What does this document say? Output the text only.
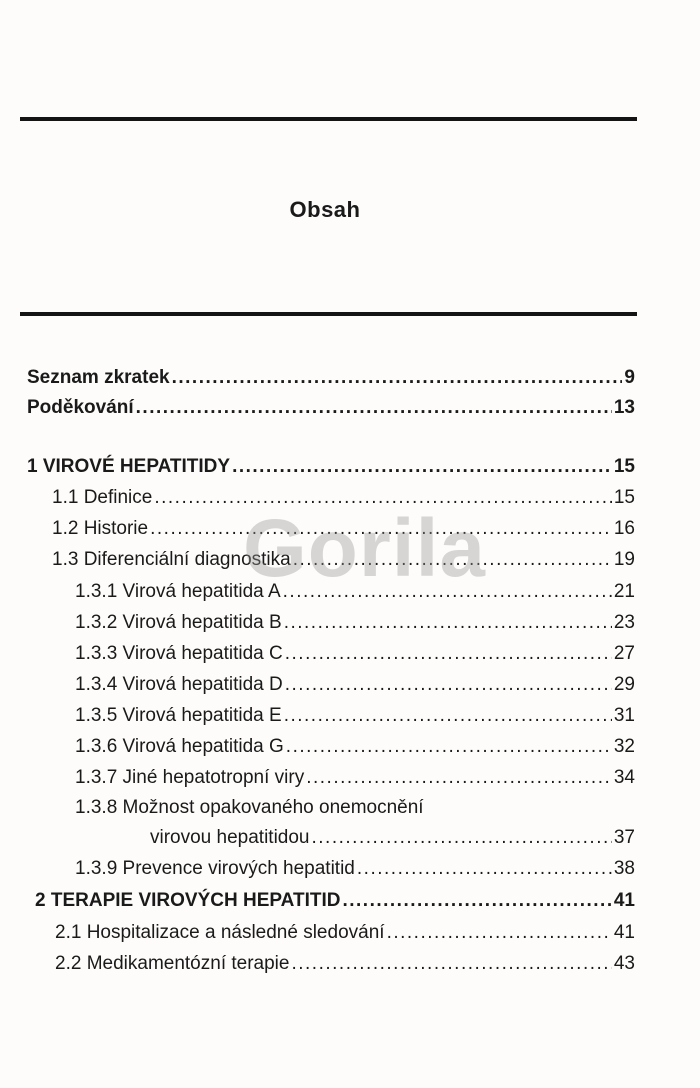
Obsah
Seznam zkratek .....	9
Poděkování .....	13
1 VIROVÉ HEPATITIDY .....	15
1.1 Definice .....	15
1.2 Historie .....	16
1.3 Diferenciální diagnostika .....	19
1.3.1 Virová hepatitida A .....	21
1.3.2 Virová hepatitida B .....	23
1.3.3 Virová hepatitida C .....	27
1.3.4 Virová hepatitida D .....	29
1.3.5 Virová hepatitida E .....	31
1.3.6 Virová hepatitida G .....	32
1.3.7 Jiné hepatotropní viry .....	34
1.3.8 Možnost opakovaného onemocnění
virovou hepatitidou .....	37
1.3.9 Prevence virových hepatitid .....	38
2 TERAPIE VIROVÝCH HEPATITID .....	41
2.1 Hospitalizace a následné sledování .....	41
2.2 Medikamentózní terapie .....	43
Gorila
